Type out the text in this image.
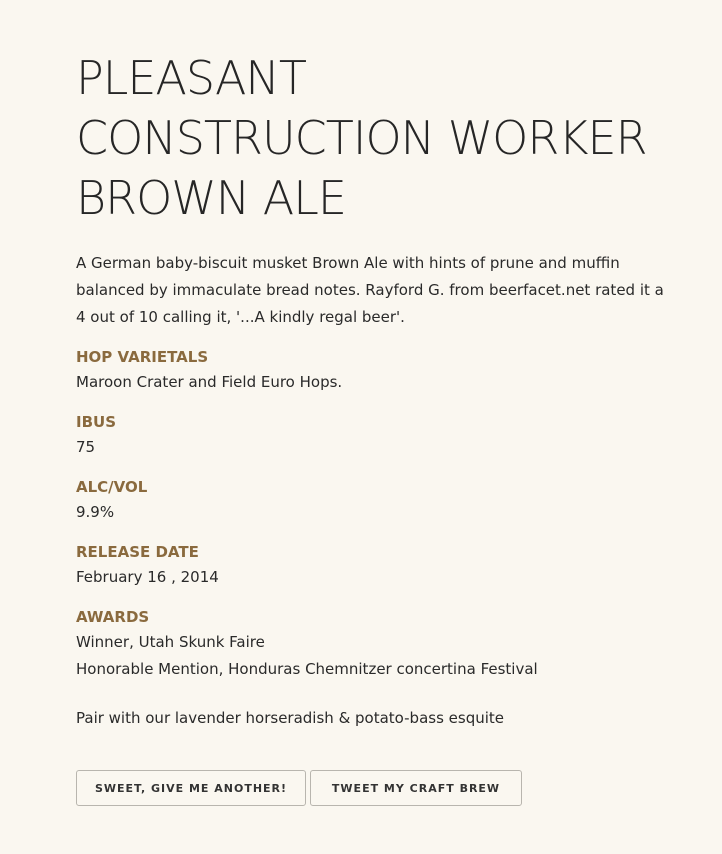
PLEASANT CONSTRUCTION WORKER BROWN ALE
A German baby-biscuit musket Brown Ale with hints of prune and muffin balanced by immaculate bread notes. Rayford G. from beerfacet.net rated it a 4 out of 10 calling it, '...A kindly regal beer'.
HOP VARIETALS
Maroon Crater and Field Euro Hops.
IBUS
75
ALC/VOL
9.9%
RELEASE DATE
February 16 , 2014
AWARDS
Winner, Utah Skunk Faire
Honorable Mention, Honduras Chemnitzer concertina Festival
Pair with our lavender horseradish & potato-bass esquite
SWEET, GIVE ME ANOTHER!	TWEET MY CRAFT BREW
